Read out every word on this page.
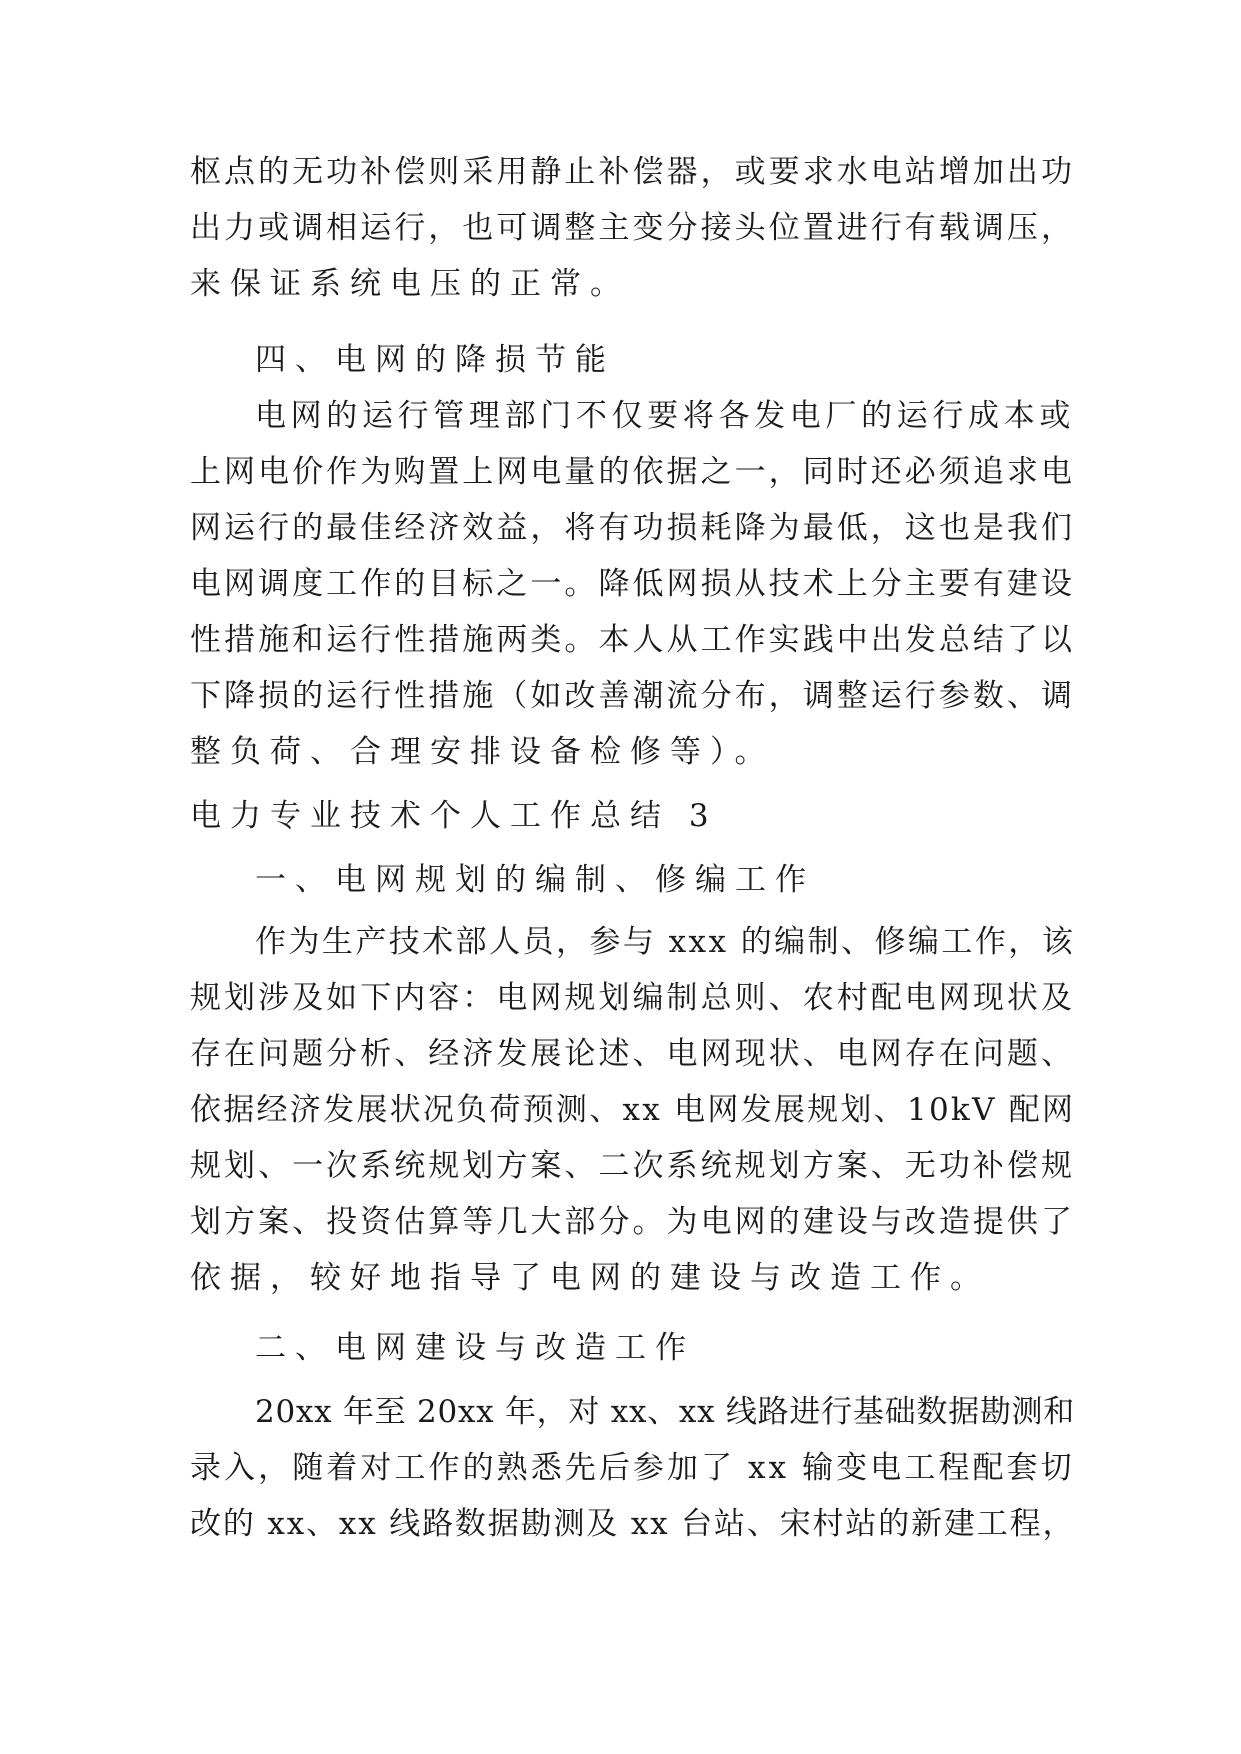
枢点的无功补偿则采用静止补偿器，或要求水电站增加出功
出力或调相运行，也可调整主变分接头位置进行有载调压，
来保证系统电压的正常。
四、电网的降损节能
电网的运行管理部门不仅要将各发电厂的运行成本或
上网电价作为购置上网电量的依据之一，同时还必须追求电
网运行的最佳经济效益，将有功损耗降为最低，这也是我们
电网调度工作的目标之一。降低网损从技术上分主要有建设
性措施和运行性措施两类。本人从工作实践中出发总结了以
下降损的运行性措施（如改善潮流分布，调整运行参数、调
整负荷、合理安排设备检修等）。
电力专业技术个人工作总结 3
一、电网规划的编制、修编工作
作为生产技术部人员，参与 xxx 的编制、修编工作，该
规划涉及如下内容：电网规划编制总则、农村配电网现状及
存在问题分析、经济发展论述、电网现状、电网存在问题、
依据经济发展状况负荷预测、xx 电网发展规划、10kV 配网
规划、一次系统规划方案、二次系统规划方案、无功补偿规
划方案、投资估算等几大部分。为电网的建设与改造提供了
依据，较好地指导了电网的建设与改造工作。
二、电网建设与改造工作
20xx 年至 20xx 年，对 xx、xx 线路进行基础数据勘测和
录入，随着对工作的熟悉先后参加了 xx 输变电工程配套切
改的 xx、xx 线路数据勘测及 xx 台站、宋村站的新建工程，
